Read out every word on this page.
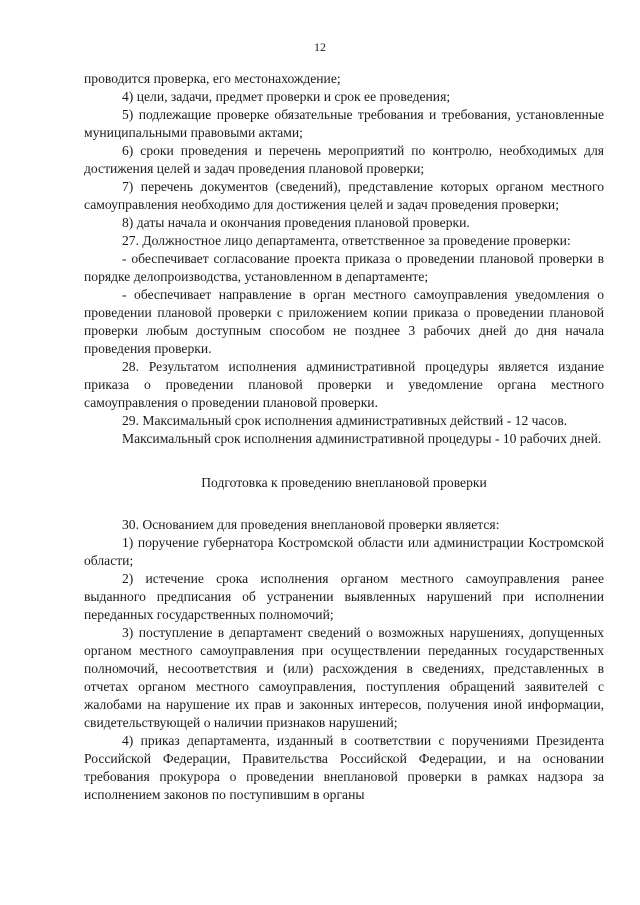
12

проводится проверка, его местонахождение;

4) цели, задачи, предмет проверки и срок ее проведения;

5) подлежащие проверке обязательные требования и требования, установленные муниципальными правовыми актами;

6) сроки проведения и перечень мероприятий по контролю, необходимых для достижения целей и задач проведения плановой проверки;

7) перечень документов (сведений), представление которых органом местного самоуправления необходимо для достижения целей и задач проведения проверки;

8) даты начала и окончания проведения плановой проверки.

27. Должностное лицо департамента, ответственное за проведение проверки:

- обеспечивает согласование проекта приказа о проведении плановой проверки в порядке делопроизводства, установленном в департаменте;

- обеспечивает направление в орган местного самоуправления уведомления о проведении плановой проверки с приложением копии приказа о проведении плановой проверки любым доступным способом не позднее 3 рабочих дней до дня начала проведения проверки.

28. Результатом исполнения административной процедуры является издание приказа о проведении плановой проверки и уведомление органа местного самоуправления о проведении плановой проверки.

29. Максимальный срок исполнения административных действий - 12 часов.

Максимальный срок исполнения административной процедуры - 10 рабочих дней.

Подготовка к проведению внеплановой проверки

30. Основанием для проведения внеплановой проверки является:

1) поручение губернатора Костромской области или администрации Костромской области;

2) истечение срока исполнения органом местного самоуправления ранее выданного предписания об устранении выявленных нарушений при исполнении переданных государственных полномочий;

3) поступление в департамент сведений о возможных нарушениях, допущенных органом местного самоуправления при осуществлении переданных государственных полномочий, несоответствия и (или) расхождения в сведениях, представленных в отчетах органом местного самоуправления, поступления обращений заявителей с жалобами на нарушение их прав и законных интересов, получения иной информации, свидетельствующей о наличии признаков нарушений;

4) приказ департамента, изданный в соответствии с поручениями Президента Российской Федерации, Правительства Российской Федерации, и на основании требования прокурора о проведении внеплановой проверки в рамках надзора за исполнением законов по поступившим в органы
